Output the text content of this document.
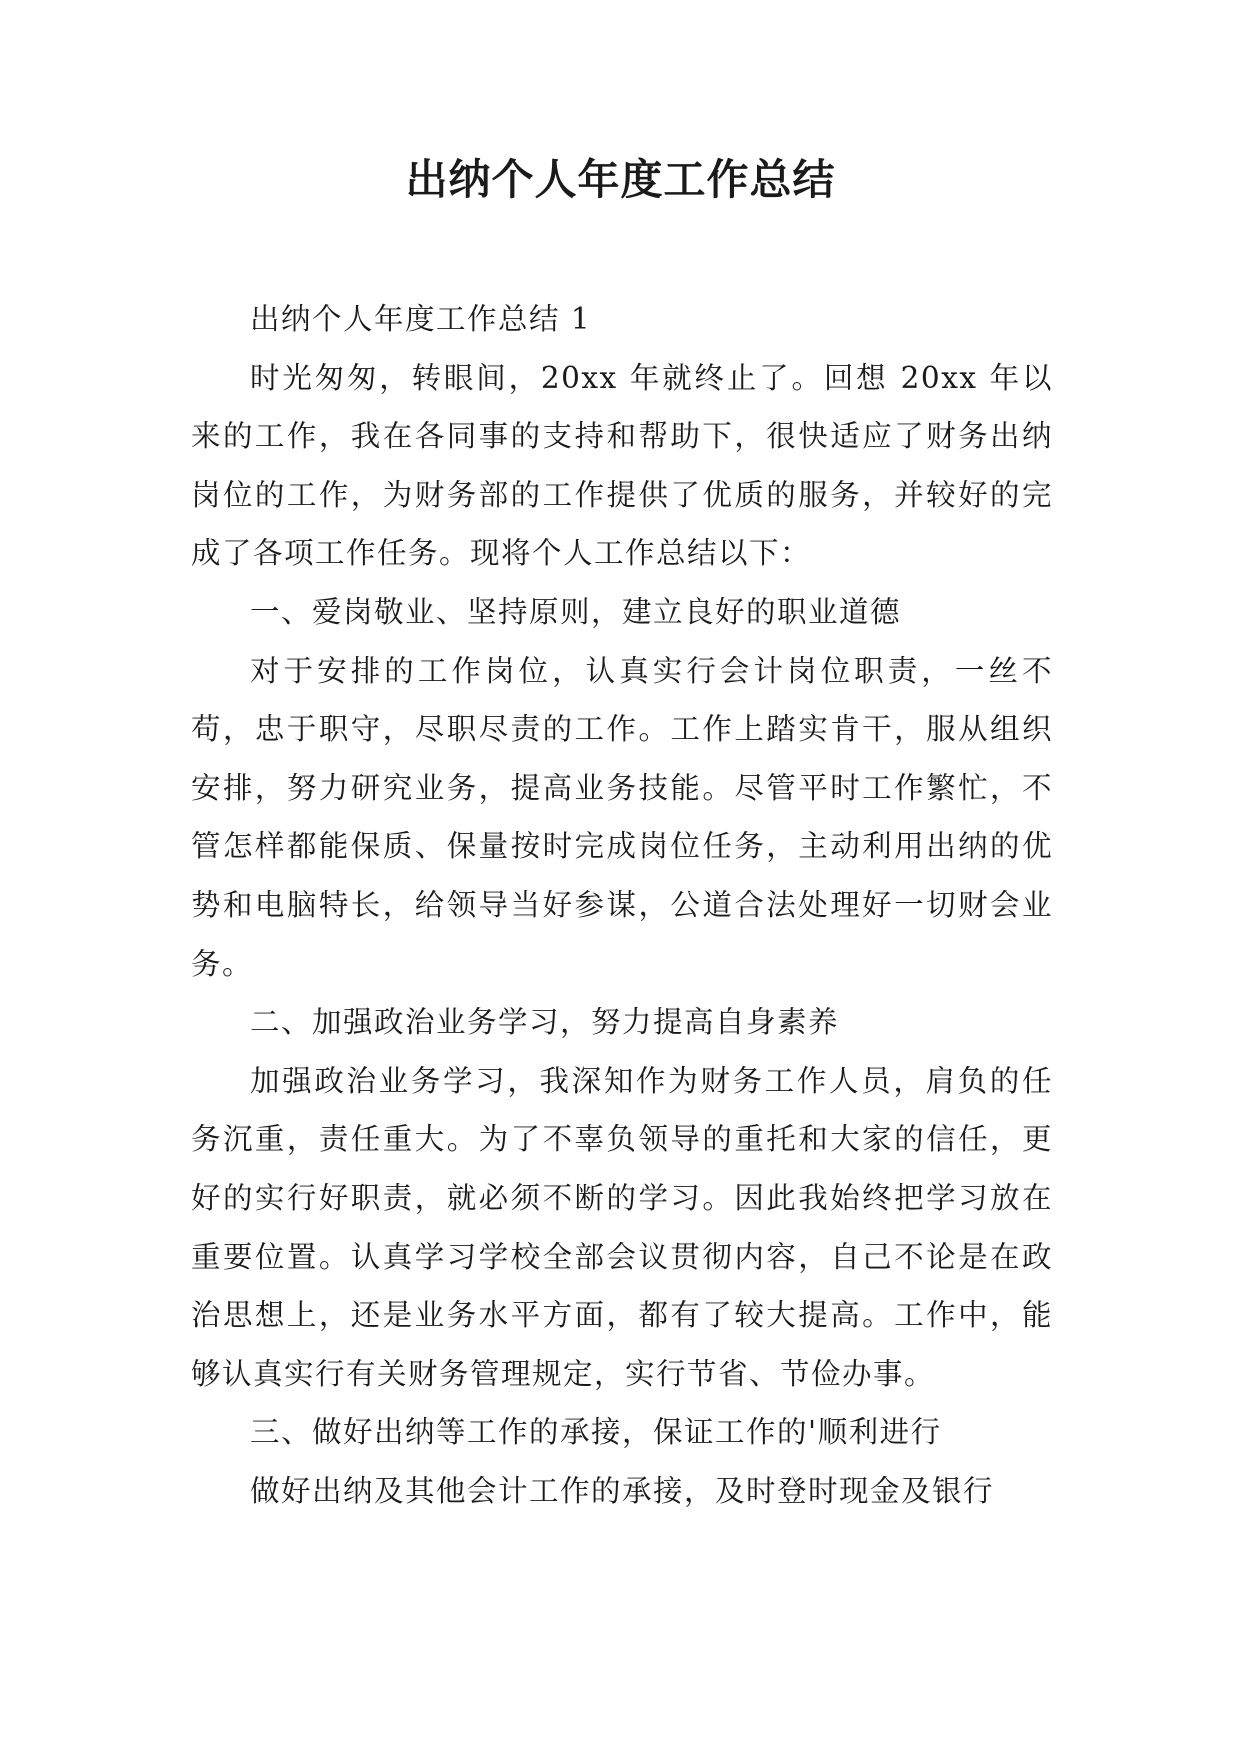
出纳个人年度工作总结

出纳个人年度工作总结 1

时光匆匆，转眼间，20xx 年就终止了。回想 20xx 年以来的工作，我在各同事的支持和帮助下，很快适应了财务出纳岗位的工作，为财务部的工作提供了优质的服务，并较好的完成了各项工作任务。现将个人工作总结以下：

一、爱岗敬业、坚持原则，建立良好的职业道德

对于安排的工作岗位，认真实行会计岗位职责，一丝不苟，忠于职守，尽职尽责的工作。工作上踏实肯干，服从组织安排，努力研究业务，提高业务技能。尽管平时工作繁忙，不管怎样都能保质、保量按时完成岗位任务，主动利用出纳的优势和电脑特长，给领导当好参谋，公道合法处理好一切财会业务。

二、加强政治业务学习，努力提高自身素养

加强政治业务学习，我深知作为财务工作人员，肩负的任务沉重，责任重大。为了不辜负领导的重托和大家的信任，更好的实行好职责，就必须不断的学习。因此我始终把学习放在重要位置。认真学习学校全部会议贯彻内容，自己不论是在政治思想上，还是业务水平方面，都有了较大提高。工作中，能够认真实行有关财务管理规定，实行节省、节俭办事。

三、做好出纳等工作的承接，保证工作的'顺利进行

做好出纳及其他会计工作的承接，及时登时现金及银行
